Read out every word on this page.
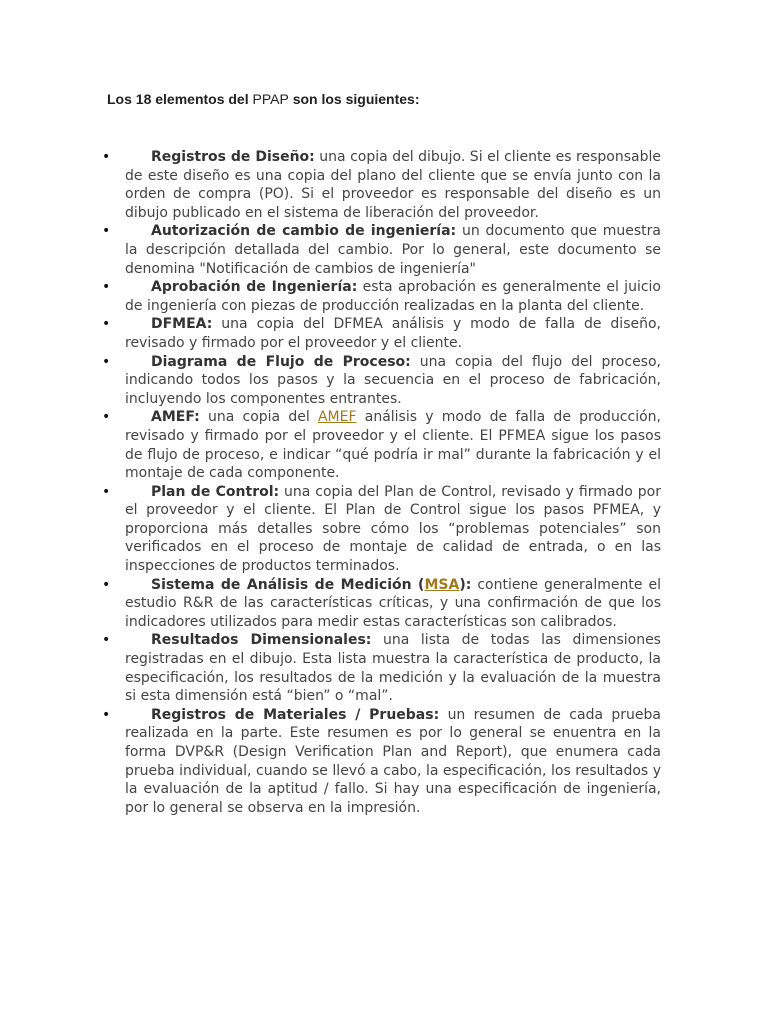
Los 18 elementos del PPAP son los siguientes:
•	Registros de Diseño: una copia del dibujo. Si el cliente es responsable de este diseño es una copia del plano del cliente que se envía junto con la orden de compra (PO). Si el proveedor es responsable del diseño es un dibujo publicado en el sistema de liberación del proveedor.
•	Autorización de cambio de ingeniería: un documento que muestra la descripción detallada del cambio. Por lo general, este documento se denomina "Notificación de cambios de ingeniería"
•	Aprobación de Ingeniería: esta aprobación es generalmente el juicio de ingeniería con piezas de producción realizadas en la planta del cliente.
•	DFMEA: una copia del DFMEA análisis y modo de falla de diseño, revisado y firmado por el proveedor y el cliente.
•	Diagrama de Flujo de Proceso: una copia del flujo del proceso, indicando todos los pasos y la secuencia en el proceso de fabricación, incluyendo los componentes entrantes.
•	AMEF: una copia del AMEF análisis y modo de falla de producción, revisado y firmado por el proveedor y el cliente. El PFMEA sigue los pasos de flujo de proceso, e indicar “qué podría ir mal” durante la fabricación y el montaje de cada componente.
•	Plan de Control: una copia del Plan de Control, revisado y firmado por el proveedor y el cliente. El Plan de Control sigue los pasos PFMEA, y proporciona más detalles sobre cómo los “problemas potenciales” son verificados en el proceso de montaje de calidad de entrada, o en las inspecciones de productos terminados.
•	Sistema de Análisis de Medición (MSA): contiene generalmente el estudio R&R de las características críticas, y una confirmación de que los indicadores utilizados para medir estas características son calibrados.
•	Resultados Dimensionales: una lista de todas las dimensiones registradas en el dibujo. Esta lista muestra la característica de producto, la especificación, los resultados de la medición y la evaluación de la muestra si esta dimensión está “bien” o “mal”.
•	Registros de Materiales / Pruebas: un resumen de cada prueba realizada en la parte. Este resumen es por lo general se enuentra en la forma DVP&R (Design Verification Plan and Report), que enumera cada prueba individual, cuando se llevó a cabo, la especificación, los resultados y la evaluación de la aptitud / fallo. Si hay una especificación de ingeniería, por lo general se observa en la impresión.
